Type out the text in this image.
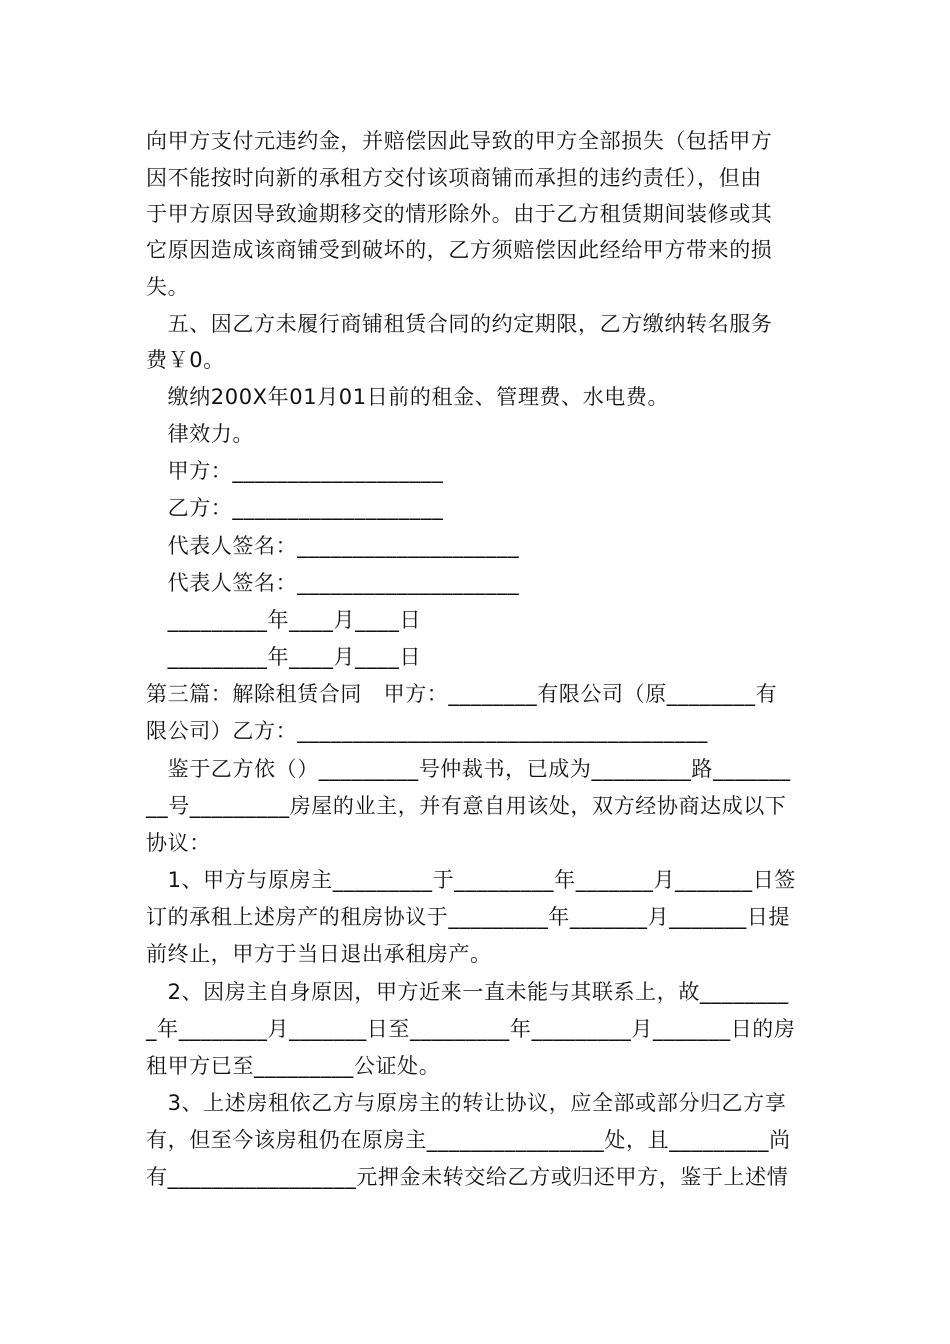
向甲方支付元违约金，并赔偿因此导致的甲方全部损失（包括甲方
因不能按时向新的承租方交付该项商铺而承担的违约责任），但由
于甲方原因导致逾期移交的情形除外。由于乙方租赁期间装修或其
它原因造成该商铺受到破坏的，乙方须赔偿因此经给甲方带来的损
失。
　五、因乙方未履行商铺租赁合同的约定期限，乙方缴纳转名服务
费￥0。
　缴纳200X年01月01日前的租金、管理费、水电费。
　律效力。
　甲方：___________________
　乙方：___________________
　代表人签名：____________________
　代表人签名：____________________
　_________年____月____日
　_________年____月____日
第三篇：解除租赁合同　甲方：________有限公司（原________有
限公司）乙方：_____________________________________
　鉴于乙方依（）_________号仲裁书，已成为_________路_______
__号_________房屋的业主，并有意自用该处，双方经协商达成以下
协议：
　1、甲方与原房主_________于_________年_______月_______日签
订的承租上述房产的租房协议于_________年_______月_______日提
前终止，甲方于当日退出承租房产。
　2、因房主自身原因，甲方近来一直未能与其联系上，故________
_年________月_______日至_________年_________月_______日的房
租甲方已至_________公证处。
　3、上述房租依乙方与原房主的转让协议，应全部或部分归乙方享
有，但至今该房租仍在原房主________________处，且_________尚
有_________________元押金未转交给乙方或归还甲方，鉴于上述情
